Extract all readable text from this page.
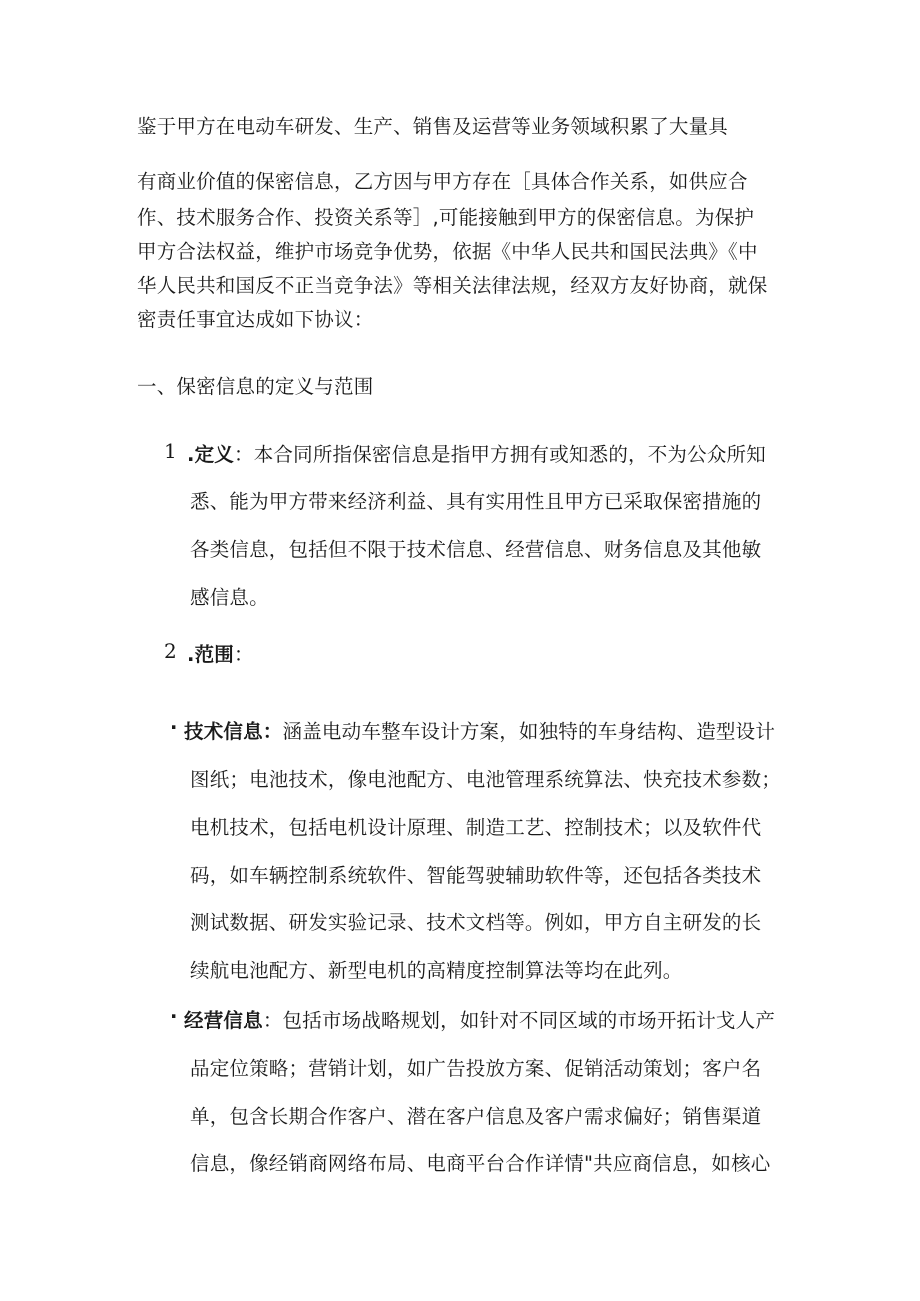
鉴于甲方在电动车研发、生产、销售及运营等业务领域积累了大量具
有商业价值的保密信息，乙方因与甲方存在［具体合作关系，如供应合
作、技术服务合作、投资关系等］,可能接触到甲方的保密信息。为保护
甲方合法权益，维护市场竞争优势，依据《中华人民共和国民法典》《中
华人民共和国反不正当竞争法》等相关法律法规，经双方友好协商，就保
密责任事宜达成如下协议：
一、保密信息的定义与范围
1 .定义：本合同所指保密信息是指甲方拥有或知悉的，不为公众所知
悉、能为甲方带来经济利益、具有实用性且甲方已采取保密措施的
各类信息，包括但不限于技术信息、经营信息、财务信息及其他敏
感信息。
2 .范围：
· 技术信息：涵盖电动车整车设计方案，如独特的车身结构、造型设计
图纸；电池技术，像电池配方、电池管理系统算法、快充技术参数；
电机技术，包括电机设计原理、制造工艺、控制技术；以及软件代
码，如车辆控制系统软件、智能驾驶辅助软件等，还包括各类技术
测试数据、研发实验记录、技术文档等。例如，甲方自主研发的长
续航电池配方、新型电机的高精度控制算法等均在此列。
· 经营信息：包括市场战略规划，如针对不同区域的市场开拓计戈人产
品定位策略；营销计划，如广告投放方案、促销活动策划；客户名
单，包含长期合作客户、潜在客户信息及客户需求偏好；销售渠道
信息，像经销商网络布局、电商平台合作详情"共应商信息，如核心
